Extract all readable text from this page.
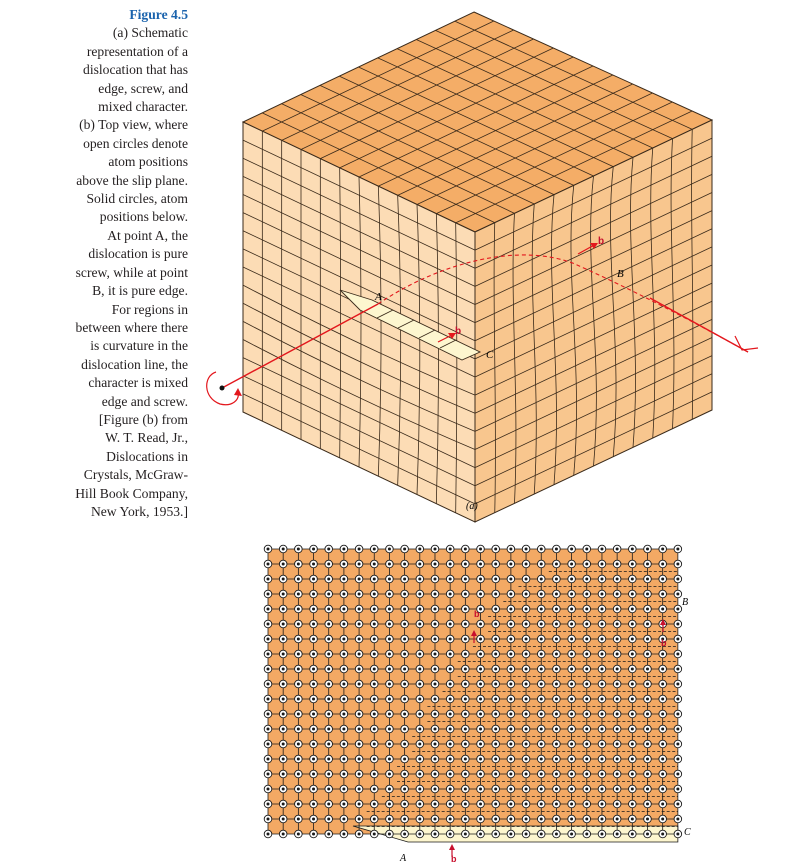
Figure 4.5
(a) Schematic
representation of a
dislocation that has
edge, screw, and
mixed character.
(b) Top view, where
open circles denote
atom positions
above the slip plane.
Solid circles, atom
positions below.
At point A, the
dislocation is pure
screw, while at point
B, it is pure edge.
For regions in
between where there
is curvature in the
dislocation line, the
character is mixed
edge and screw.
[Figure (b) from
W. T. Read, Jr.,
Dislocations in
Crystals, McGraw-
Hill Book Company,
New York, 1953.]
A
B
C
b
b
(a)
A
B
C
b
b
b
